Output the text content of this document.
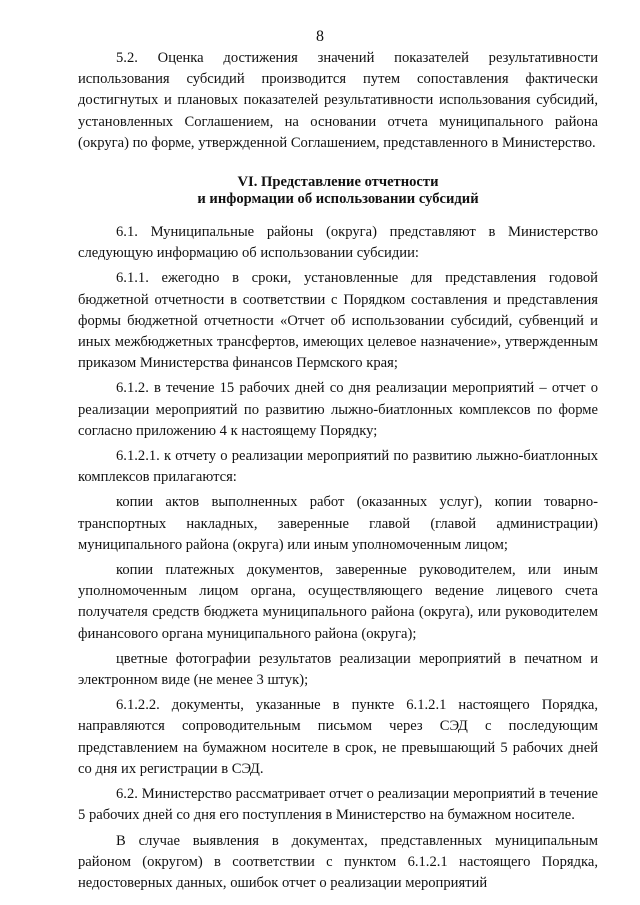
8

5.2. Оценка достижения значений показателей результативности использования субсидий производится путем сопоставления фактически достигнутых и плановых показателей результативности использования субсидий, установленных Соглашением, на основании отчета муниципального района (округа) по форме, утвержденной Соглашением, представленного в Министерство.

VI. Представление отчетности
и информации об использовании субсидий

6.1. Муниципальные районы (округа) представляют в Министерство следующую информацию об использовании субсидии:

6.1.1. ежегодно в сроки, установленные для представления годовой бюджетной отчетности в соответствии с Порядком составления и представления формы бюджетной отчетности «Отчет об использовании субсидий, субвенций и иных межбюджетных трансфертов, имеющих целевое назначение», утвержденным приказом Министерства финансов Пермского края;

6.1.2. в течение 15 рабочих дней со дня реализации мероприятий – отчет о реализации мероприятий по развитию лыжно-биатлонных комплексов по форме согласно приложению 4 к настоящему Порядку;

6.1.2.1. к отчету о реализации мероприятий по развитию лыжно-биатлонных комплексов прилагаются:

копии актов выполненных работ (оказанных услуг), копии товарно-транспортных накладных, заверенные главой (главой администрации) муниципального района (округа) или иным уполномоченным лицом;

копии платежных документов, заверенные руководителем, или иным уполномоченным лицом органа, осуществляющего ведение лицевого счета получателя средств бюджета муниципального района (округа), или руководителем финансового органа муниципального района (округа);

цветные фотографии результатов реализации мероприятий в печатном и электронном виде (не менее 3 штук);

6.1.2.2. документы, указанные в пункте 6.1.2.1 настоящего Порядка, направляются сопроводительным письмом через СЭД с последующим представлением на бумажном носителе в срок, не превышающий 5 рабочих дней со дня их регистрации в СЭД.

6.2. Министерство рассматривает отчет о реализации мероприятий в течение 5 рабочих дней со дня его поступления в Министерство на бумажном носителе.

В случае выявления в документах, представленных муниципальным районом (округом) в соответствии с пунктом 6.1.2.1 настоящего Порядка, недостоверных данных, ошибок отчет о реализации мероприятий
